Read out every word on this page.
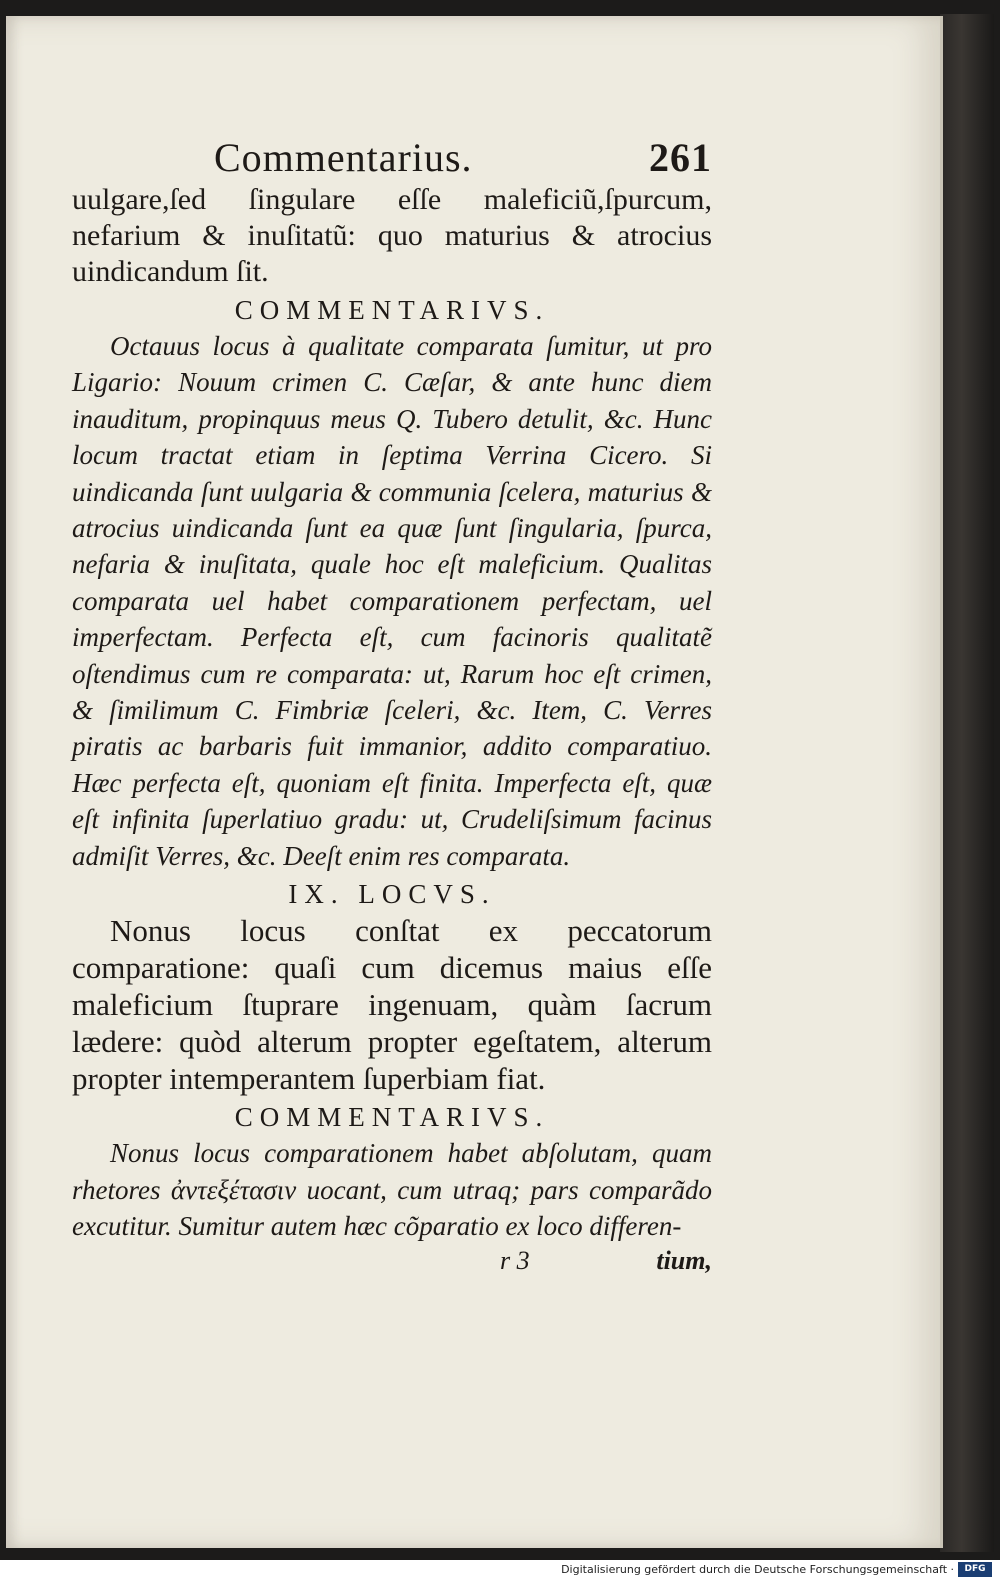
Commentarius.	261

uulgare,ſed ſingulare eſſe maleficiũ,ſpurcum, nefarium & inuſitatũ: quo maturius & atrocius uindicandum ſit.

COMMENTARIVS.

Octauus locus à qualitate comparata ſumitur, ut pro Ligario: Nouum crimen C. Cæſar, & ante hunc diem inauditum, propinquus meus Q. Tubero detulit, &c. Hunc locum tractat etiam in ſeptima Verrina Cicero. Si uindicanda ſunt uulgaria & communia ſcelera, maturius & atrocius uindicanda ſunt ea quæ ſunt ſingularia, ſpurca, nefaria & inuſitata, quale hoc eſt maleficium. Qualitas comparata uel habet comparationem perfectam, uel imperfectam. Perfecta eſt, cum facinoris qualitatẽ oſtendimus cum re comparata: ut, Rarum hoc eſt crimen, & ſimilimum C. Fimbriæ ſceleri, &c. Item, C. Verres piratis ac barbaris fuit immanior, addito comparatiuo. Hæc perfecta eſt, quoniam eſt finita. Imperfecta eſt, quæ eſt infinita ſuperlatiuo gradu: ut, Crudeliſsimum facinus admiſit Verres, &c. Deeſt enim res comparata.

IX. LOCVS.

Nonus locus conſtat ex peccatorum comparatione: quaſi cum dicemus maius eſſe maleficium ſtuprare ingenuam, quàm ſacrum lædere: quòd alterum propter egeſtatem, alterum propter intemperantem ſuperbiam fiat.

COMMENTARIVS.

Nonus locus comparationem habet abſolutam, quam rhetores ἀντεξέτασιν uocant, cum utraq; pars comparãdo excutitur. Sumitur autem hæc cõparatio ex loco differen-

r 3	tium,
Digitalisierung gefördert durch die Deutsche Forschungsgemeinschaft ·	DFG
